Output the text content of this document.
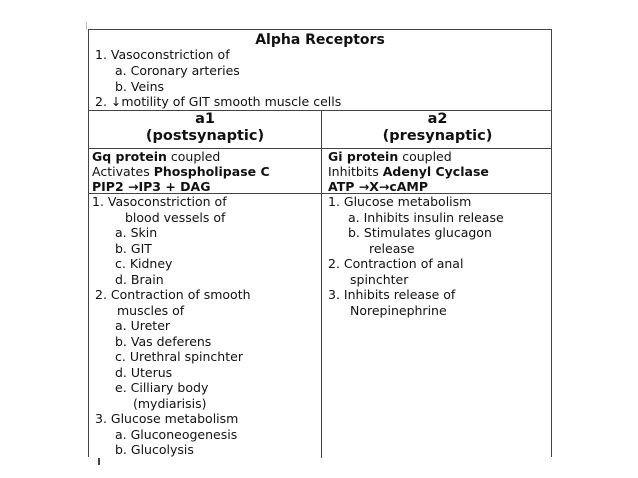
Alpha Receptors
1. Vasoconstriction of
a. Coronary arteries
b. Veins
2. ↓motility of GIT smooth muscle cells
a1
(postsynaptic)
a2
(presynaptic)
Gq protein coupled
Activates Phospholipase C
PIP2 →IP3 + DAG
Gi protein coupled
Inhitbits Adenyl Cyclase
ATP →X→cAMP
1. Vasoconstriction of
blood vessels of
a. Skin
b. GIT
c. Kidney
d. Brain
2. Contraction of smooth
muscles of
a. Ureter
b. Vas deferens
c. Urethral spinchter
d. Uterus
e. Cilliary body
(mydiarisis)
3. Glucose metabolism
a. Gluconeogenesis
b. Glucolysis
1. Glucose metabolism
a. Inhibits insulin release
b. Stimulates glucagon
release
2. Contraction of anal
spinchter
3. Inhibits release of
Norepinephrine
